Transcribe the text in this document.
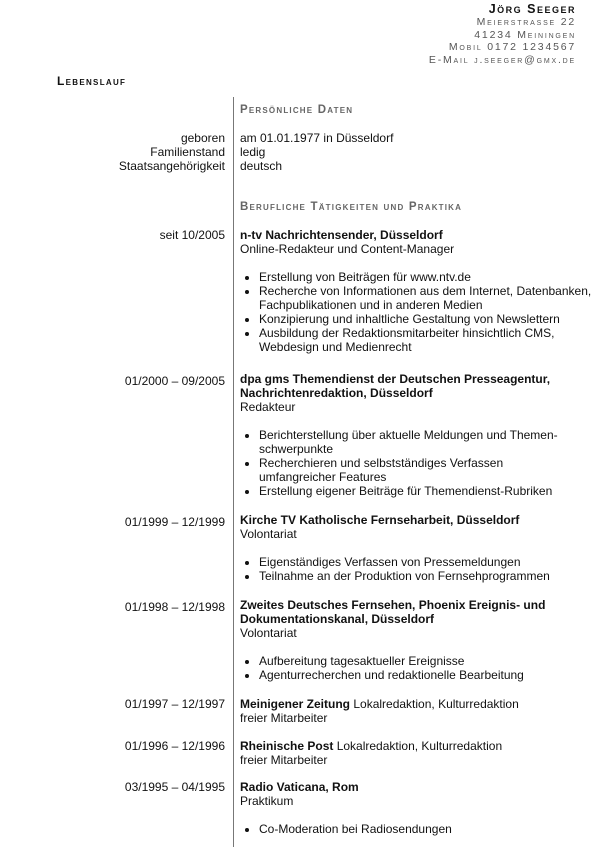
Jörg Seeger
Meierstrasse 22
41234 Meiningen
Mobil 0172 1234567
E-Mail j.seeger@gmx.de
Lebenslauf
Persönliche Daten
geboren am 01.01.1977 in Düsseldorf
Familienstand ledig
Staatsangehörigkeit deutsch
Berufliche Tätigkeiten und Praktika
seit 10/2005 n-tv Nachrichtensender, Düsseldorf
Online-Redakteur und Content-Manager
• Erstellung von Beiträgen für www.ntv.de
• Recherche von Informationen aus dem Internet, Datenbanken, Fachpublikationen und in anderen Medien
• Konzipierung und inhaltliche Gestaltung von Newslettern
• Ausbildung der Redaktionsmitarbeiter hinsichtlich CMS, Webdesign und Medienrecht
01/2000 – 09/2005 dpa gms Themendienst der Deutschen Presseagentur, Nachrichtenredaktion, Düsseldorf
Redakteur
• Berichterstellung über aktuelle Meldungen und Themen-schwerpunkte
• Recherchieren und selbstständiges Verfassen umfangreicher Features
• Erstellung eigener Beiträge für Themendienst-Rubriken
01/1999 – 12/1999 Kirche TV Katholische Fernseharbeit, Düsseldorf
Volontariat
• Eigenständiges Verfassen von Pressemeldungen
• Teilnahme an der Produktion von Fernsehprogrammen
01/1998 – 12/1998 Zweites Deutsches Fernsehen, Phoenix Ereignis- und Dokumentationskanal, Düsseldorf
Volontariat
• Aufbereitung tagesaktueller Ereignisse
• Agenturrecherchen und redaktionelle Bearbeitung
01/1997 – 12/1997 Meinigener Zeitung Lokalredaktion, Kulturredaktion
freier Mitarbeiter
01/1996 – 12/1996 Rheinische Post Lokalredaktion, Kulturredaktion
freier Mitarbeiter
03/1995 – 04/1995 Radio Vaticana, Rom
Praktikum
• Co-Moderation bei Radiosendungen
